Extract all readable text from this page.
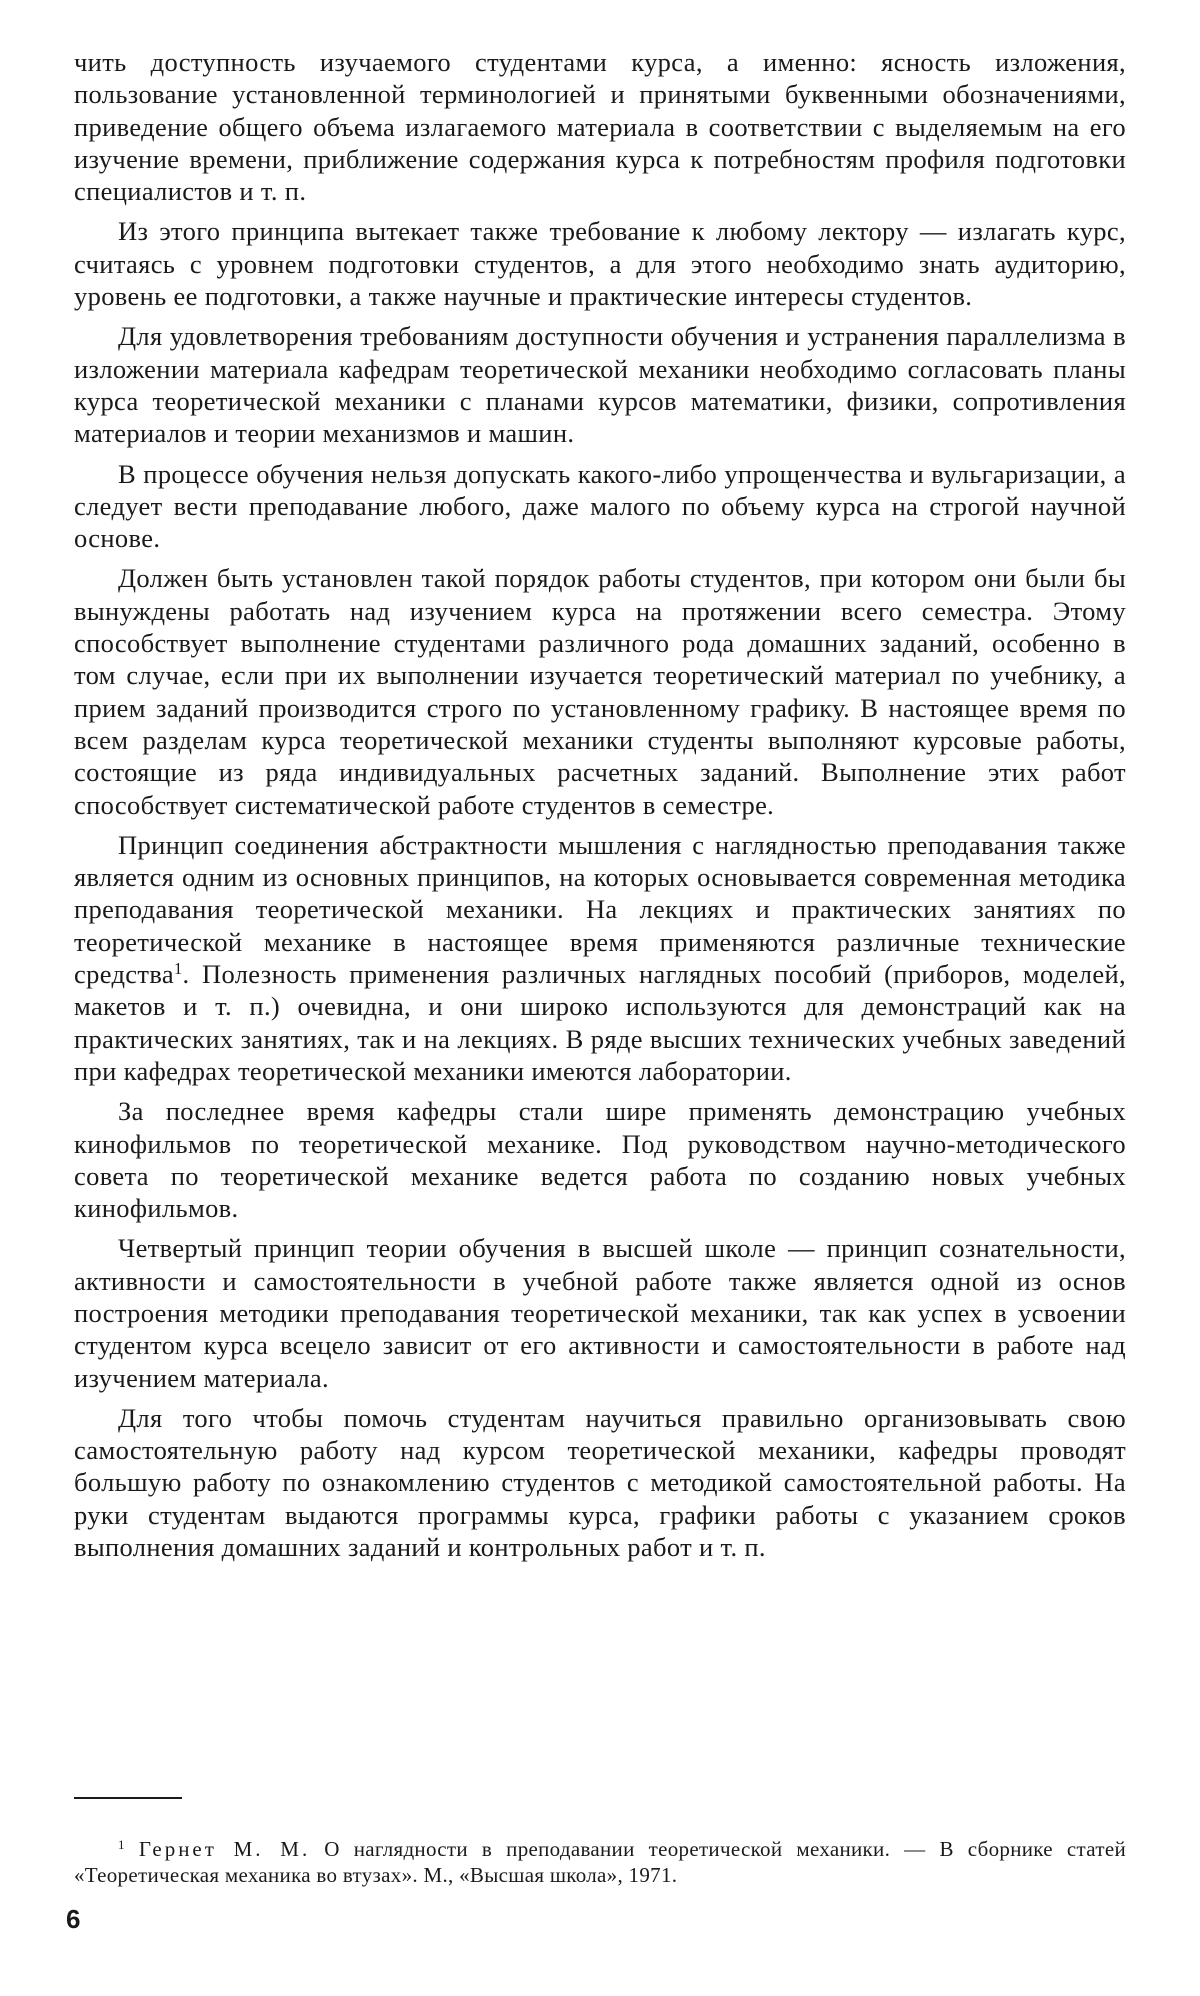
чить доступность изучаемого студентами курса, а именно: ясность изложения, пользование установленной терминологией и принятыми буквенными обозначениями, приведение общего объема излагаемого материала в соответствии с выделяемым на его изучение времени, приближение содержания курса к потребностям профиля подготовки специалистов и т. п.

Из этого принципа вытекает также требование к любому лектору — излагать курс, считаясь с уровнем подготовки студентов, а для этого необходимо знать аудиторию, уровень ее подготовки, а также научные и практические интересы студентов.

Для удовлетворения требованиям доступности обучения и устранения параллелизма в изложении материала кафедрам теоретической механики необходимо согласовать планы курса теоретической механики с планами курсов математики, физики, сопротивления материалов и теории механизмов и машин.

В процессе обучения нельзя допускать какого-либо упрощенчества и вульгаризации, а следует вести преподавание любого, даже малого по объему курса на строгой научной основе.

Должен быть установлен такой порядок работы студентов, при котором они были бы вынуждены работать над изучением курса на протяжении всего семестра. Этому способствует выполнение студентами различного рода домашних заданий, особенно в том случае, если при их выполнении изучается теоретический материал по учебнику, а прием заданий производится строго по установленному графику. В настоящее время по всем разделам курса теоретической механики студенты выполняют курсовые работы, состоящие из ряда индивидуальных расчетных заданий. Выполнение этих работ способствует систематической работе студентов в семестре.

Принцип соединения абстрактности мышления с наглядностью преподавания также является одним из основных принципов, на которых основывается современная методика преподавания теоретической механики. На лекциях и практических занятиях по теоретической механике в настоящее время применяются различные технические средства$^1$. Полезность применения различных наглядных пособий (приборов, моделей, макетов и т. п.) очевидна, и они широко используются для демонстраций как на практических занятиях, так и на лекциях. В ряде высших технических учебных заведений при кафедрах теоретической механики имеются лаборатории.

За последнее время кафедры стали шире применять демонстрацию учебных кинофильмов по теоретической механике. Под руководством научно-методического совета по теоретической механике ведется работа по созданию новых учебных кинофильмов.

Четвертый принцип теории обучения в высшей школе — принцип сознательности, активности и самостоятельности в учебной работе также является одной из основ построения методики преподавания теоретической механики, так как успех в усвоении студентом курса всецело зависит от его активности и самостоятельности в работе над изучением материала.

Для того чтобы помочь студентам научиться правильно организовывать свою самостоятельную работу над курсом теоретической механики, кафедры проводят большую работу по ознакомлению студентов с методикой самостоятельной работы. На руки студентам выдаются программы курса, графики работы с указанием сроков выполнения домашних заданий и контрольных работ и т. п.

$^1$ Гернет М. М. О наглядности в преподавании теоретической механики. — В сборнике статей «Теоретическая механика во втузах». М., «Высшая школа», 1971.

6
